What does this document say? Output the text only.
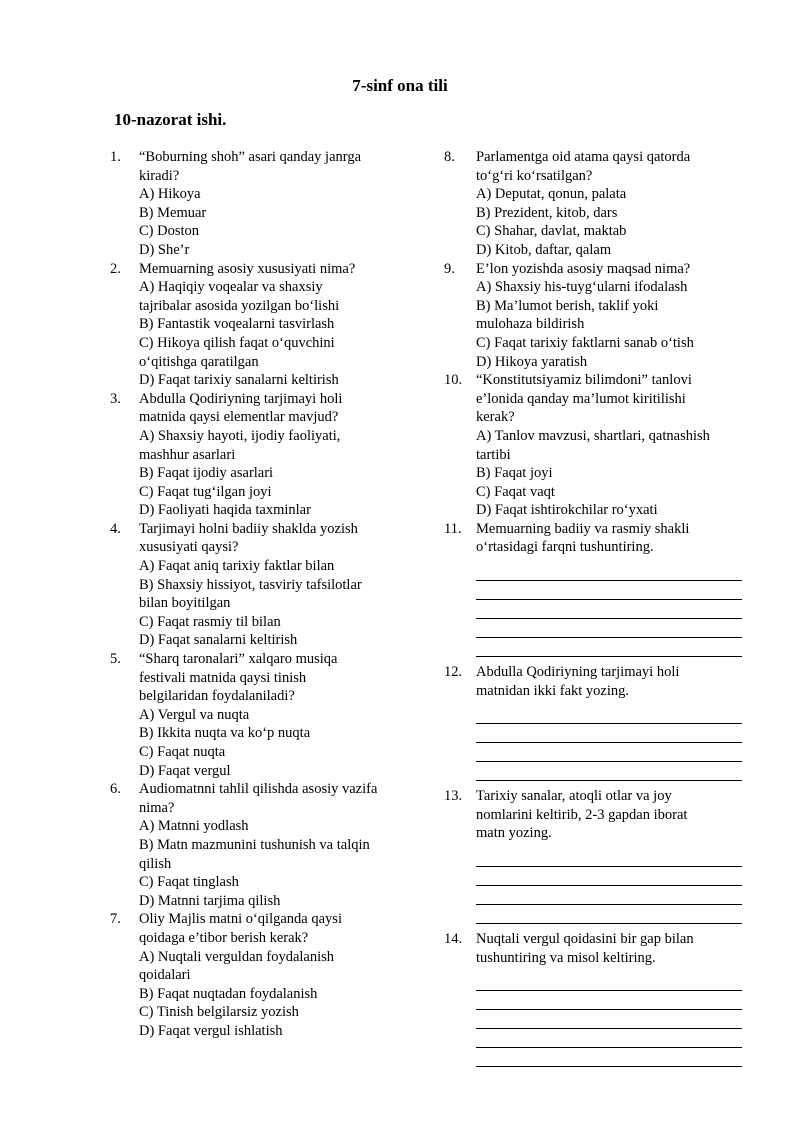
7-sinf ona tili
10-nazorat ishi.
1. “Boburning shoh” asari qanday janrga
kiradi?
A) Hikoya
B) Memuar
C) Doston
D) She’r
2. Memuarning asosiy xususiyati nima?
A) Haqiqiy voqealar va shaxsiy
tajribalar asosida yozilgan bo‘lishi
B) Fantastik voqealarni tasvirlash
C) Hikoya qilish faqat o‘quvchini
o‘qitishga qaratilgan
D) Faqat tarixiy sanalarni keltirish
3. Abdulla Qodiriyning tarjimayi holi
matnida qaysi elementlar mavjud?
A) Shaxsiy hayoti, ijodiy faoliyati,
mashhur asarlari
B) Faqat ijodiy asarlari
C) Faqat tug‘ilgan joyi
D) Faoliyati haqida taxminlar
4. Tarjimayi holni badiiy shaklda yozish
xususiyati qaysi?
A) Faqat aniq tarixiy faktlar bilan
B) Shaxsiy hissiyot, tasviriy tafsilotlar
bilan boyitilgan
C) Faqat rasmiy til bilan
D) Faqat sanalarni keltirish
5. “Sharq taronalari” xalqaro musiqa
festivali matnida qaysi tinish
belgilaridan foydalaniladi?
A) Vergul va nuqta
B) Ikkita nuqta va ko‘p nuqta
C) Faqat nuqta
D) Faqat vergul
6. Audiomatnni tahlil qilishda asosiy vazifa
nima?
A) Matnni yodlash
B) Matn mazmunini tushunish va talqin
qilish
C) Faqat tinglash
D) Matnni tarjima qilish
7. Oliy Majlis matni o‘qilganda qaysi
qoidaga e’tibor berish kerak?
A) Nuqtali verguldan foydalanish
qoidalari
B) Faqat nuqtadan foydalanish
C) Tinish belgilarsiz yozish
D) Faqat vergul ishlatish
8. Parlamentga oid atama qaysi qatorda
to‘g‘ri ko‘rsatilgan?
A) Deputat, qonun, palata
B) Prezident, kitob, dars
C) Shahar, davlat, maktab
D) Kitob, daftar, qalam
9. E’lon yozishda asosiy maqsad nima?
A) Shaxsiy his-tuyg‘ularni ifodalash
B) Ma’lumot berish, taklif yoki
mulohaza bildirish
C) Faqat tarixiy faktlarni sanab o‘tish
D) Hikoya yaratish
10. “Konstitutsiyamiz bilimdoni” tanlovi
e’lonida qanday ma’lumot kiritilishi
kerak?
A) Tanlov mavzusi, shartlari, qatnashish
tartibi
B) Faqat joyi
C) Faqat vaqt
D) Faqat ishtirokchilar ro‘yxati
11. Memuarning badiiy va rasmiy shakli
o‘rtasidagi farqni tushuntiring.
12. Abdulla Qodiriyning tarjimayi holi
matnidan ikki fakt yozing.
13. Tarixiy sanalar, atoqli otlar va joy
nomlarini keltirib, 2-3 gapdan iborat
matn yozing.
14. Nuqtali vergul qoidasini bir gap bilan
tushuntiring va misol keltiring.
